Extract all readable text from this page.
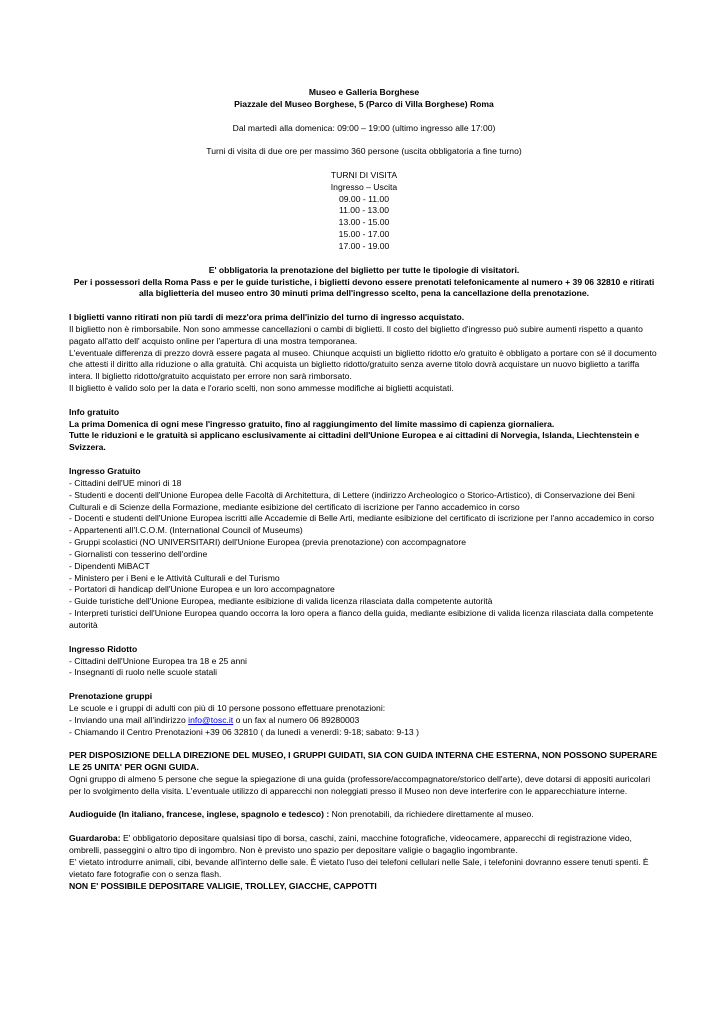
Museo e Galleria Borghese

Piazzale del Museo Borghese, 5 (Parco di Villa Borghese) Roma

Dal martedì alla domenica: 09:00 – 19:00 (ultimo ingresso alle 17:00)

Turni di visita di due ore per massimo 360 persone (uscita obbligatoria a fine turno)

TURNI DI VISITA

Ingresso – Uscita

09.00 - 11.00

11.00 - 13.00

13.00 - 15.00

15.00 - 17.00

17.00 - 19.00

E' obbligatoria la prenotazione del biglietto per tutte le tipologie di visitatori.

Per i possessori della Roma Pass e per le guide turistiche, i biglietti devono essere prenotati telefonicamente al numero + 39 06 32810 e ritirati alla biglietteria del museo entro 30 minuti prima dell'ingresso scelto, pena la cancellazione della prenotazione.

I biglietti vanno ritirati non più tardi di mezz'ora prima dell'inizio del turno di ingresso acquistato.

Il biglietto non è rimborsabile. Non sono ammesse cancellazioni o cambi di biglietti. Il costo del biglietto d'ingresso può subire aumenti rispetto a quanto pagato all'atto dell' acquisto online per l'apertura di una mostra temporanea.

L'eventuale differenza di prezzo dovrà essere pagata al museo. Chiunque acquisti un biglietto ridotto e/o gratuito è obbligato a portare con sé il documento che attesti il diritto alla riduzione o alla gratuità. Chi acquista un biglietto ridotto/gratuito senza averne titolo dovrà acquistare un nuovo biglietto a tariffa intera. Il biglietto ridotto/gratuito acquistato per errore non sarà rimborsato.

Il biglietto è valido solo per la data e l'orario scelti, non sono ammesse modifiche ai biglietti acquistati.

Info gratuito

La prima Domenica di ogni mese l'ingresso gratuito, fino al raggiungimento del limite massimo di capienza giornaliera.

Tutte le riduzioni e le gratuità si applicano esclusivamente ai cittadini dell'Unione Europea e ai cittadini di Norvegia, Islanda, Liechtenstein e Svizzera.

Ingresso Gratuito

- Cittadini dell'UE minori di 18

- Studenti e docenti dell'Unione Europea delle Facoltà di Architettura, di Lettere (indirizzo Archeologico o Storico-Artistico), di Conservazione dei Beni Culturali e di Scienze della Formazione, mediante esibizione del certificato di iscrizione per l'anno accademico in corso

- Docenti e studenti dell'Unione Europea iscritti alle Accademie di Belle Arti, mediante esibizione del certificato di iscrizione per l'anno accademico in corso

- Appartenenti all'I.C.O.M. (International Council of Museums)

- Gruppi scolastici (NO UNIVERSITARI) dell'Unione Europea (previa prenotazione) con accompagnatore

- Giornalisti con tesserino dell'ordine

- Dipendenti MiBACT

- Ministero per i Beni e le Attività Culturali e del Turismo

- Portatori di handicap dell'Unione Europea e un loro accompagnatore

- Guide turistiche dell'Unione Europea, mediante esibizione di valida licenza rilasciata dalla competente autorità

- Interpreti turistici dell'Unione Europea quando occorra la loro opera a fianco della guida, mediante esibizione di valida licenza rilasciata dalla competente autorità

Ingresso Ridotto

- Cittadini dell'Unione Europea tra 18 e 25 anni

- Insegnanti di ruolo nelle scuole statali

Prenotazione gruppi

Le scuole e i gruppi di adulti con più di 10 persone possono effettuare prenotazioni:

- Inviando una mail all'indirizzo info@tosc.it o un fax al numero 06 89280003

- Chiamando il Centro Prenotazioni +39 06 32810 ( da lunedì a venerdì: 9-18; sabato: 9-13 )

PER DISPOSIZIONE DELLA DIREZIONE DEL MUSEO, I GRUPPI GUIDATI, SIA CON GUIDA INTERNA CHE ESTERNA, NON POSSONO SUPERARE LE 25 UNITA' PER OGNI GUIDA.

Ogni gruppo di almeno 5 persone che segue la spiegazione di una guida (professore/accompagnatore/storico dell'arte), deve dotarsi di appositi auricolari per lo svolgimento della visita. L'eventuale utilizzo di apparecchi non noleggiati presso il Museo non deve interferire con le apparecchiature interne.

Audioguide (In italiano, francese, inglese, spagnolo e tedesco) : Non prenotabili, da richiedere direttamente al museo.

Guardaroba: E' obbligatorio depositare qualsiasi tipo di borsa, caschi, zaini, macchine fotografiche, videocamere, apparecchi di registrazione video, ombrelli, passeggini o altro tipo di ingombro. Non è previsto uno spazio per depositare valigie o bagaglio ingombrante.

E' vietato introdurre animali, cibi, bevande all'interno delle sale. È vietato l'uso dei telefoni cellulari nelle Sale, i telefonini dovranno essere tenuti spenti. È vietato fare fotografie con o senza flash.

NON E' POSSIBILE DEPOSITARE VALIGIE, TROLLEY, GIACCHE, CAPPOTTI
